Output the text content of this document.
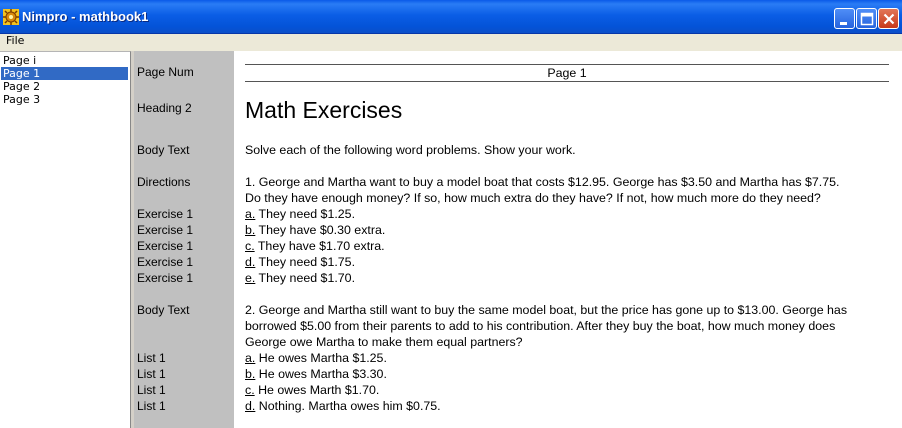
Nimpro - mathbook1
File
Page i
Page 1
Page 2
Page 3
Page Num
Heading 2
Body Text
Directions
Exercise 1
Exercise 1
Exercise 1
Exercise 1
Exercise 1
Body Text
List 1
List 1
List 1
List 1
Page 1
Math Exercises
Solve each of the following word problems. Show your work.
1. George and Martha want to buy a model boat that costs $12.95. George has $3.50 and Martha has $7.75.
Do they have enough money? If so, how much extra do they have? If not, how much more do they need?
a. They need $1.25.
b. They have $0.30 extra.
c. They have $1.70 extra.
d. They need $1.75.
e. They need $1.70.
2. George and Martha still want to buy the same model boat, but the price has gone up to $13.00. George has
borrowed $5.00 from their parents to add to his contribution. After they buy the boat, how much money does
George owe Martha to make them equal partners?
a. He owes Martha $1.25.
b. He owes Martha $3.30.
c. He owes Marth $1.70.
d. Nothing. Martha owes him $0.75.
